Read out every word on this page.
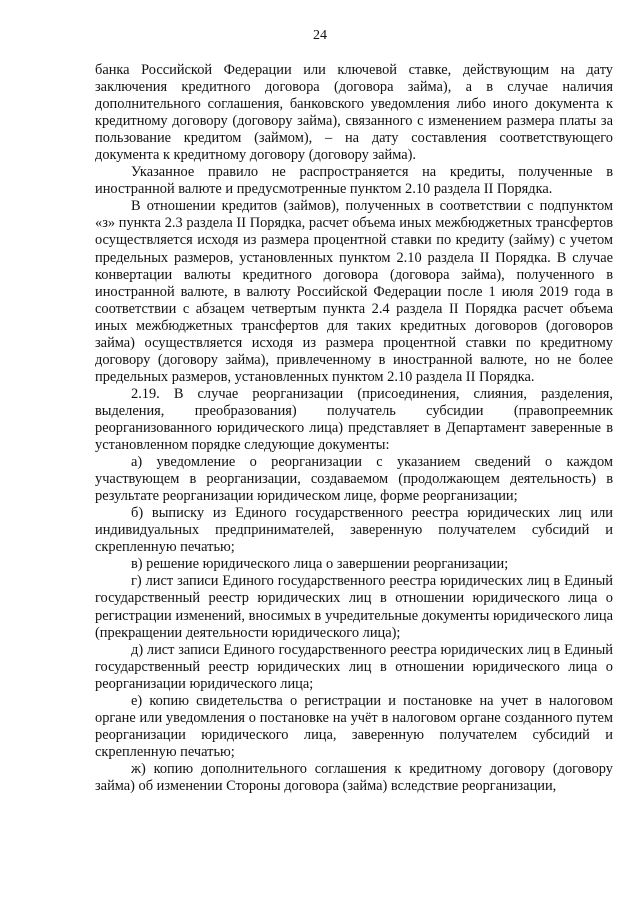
24

банка Российской Федерации или ключевой ставке, действующим на дату заключения кредитного договора (договора займа), а в случае наличия дополнительного соглашения, банковского уведомления либо иного документа к кредитному договору (договору займа), связанного с изменением размера платы за пользование кредитом (займом), – на дату составления соответствующего документа к кредитному договору (договору займа).

Указанное правило не распространяется на кредиты, полученные в иностранной валюте и предусмотренные пунктом 2.10 раздела II Порядка.

В отношении кредитов (займов), полученных в соответствии с подпунктом «з» пункта 2.3 раздела II Порядка, расчет объема иных межбюджетных трансфертов осуществляется исходя из размера процентной ставки по кредиту (займу) с учетом предельных размеров, установленных пунктом 2.10 раздела II Порядка. В случае конвертации валюты кредитного договора (договора займа), полученного в иностранной валюте, в валюту Российской Федерации после 1 июля 2019 года в соответствии с абзацем четвертым пункта 2.4 раздела II Порядка расчет объема иных межбюджетных трансфертов для таких кредитных договоров (договоров займа) осуществляется исходя из размера процентной ставки по кредитному договору (договору займа), привлеченному в иностранной валюте, но не более предельных размеров, установленных пунктом 2.10 раздела II Порядка.

2.19. В случае реорганизации (присоединения, слияния, разделения, выделения, преобразования) получатель субсидии (правопреемник реорганизованного юридического лица) представляет в Департамент заверенные в установленном порядке следующие документы:

а) уведомление о реорганизации с указанием сведений о каждом участвующем в реорганизации, создаваемом (продолжающем деятельность) в результате реорганизации юридическом лице, форме реорганизации;

б) выписку из Единого государственного реестра юридических лиц или индивидуальных предпринимателей, заверенную получателем субсидий и скрепленную печатью;

в) решение юридического лица о завершении реорганизации;

г) лист записи Единого государственного реестра юридических лиц в Единый государственный реестр юридических лиц в отношении юридического лица о регистрации изменений, вносимых в учредительные документы юридического лица (прекращении деятельности юридического лица);

д) лист записи Единого государственного реестра юридических лиц в Единый государственный реестр юридических лиц в отношении юридического лица о реорганизации юридического лица;

е) копию свидетельства о регистрации и постановке на учет в налоговом органе или уведомления о постановке на учёт в налоговом органе созданного путем реорганизации юридического лица, заверенную получателем субсидий и скрепленную печатью;

ж) копию дополнительного соглашения к кредитному договору (договору займа) об изменении Стороны договора (займа) вследствие реорганизации,
